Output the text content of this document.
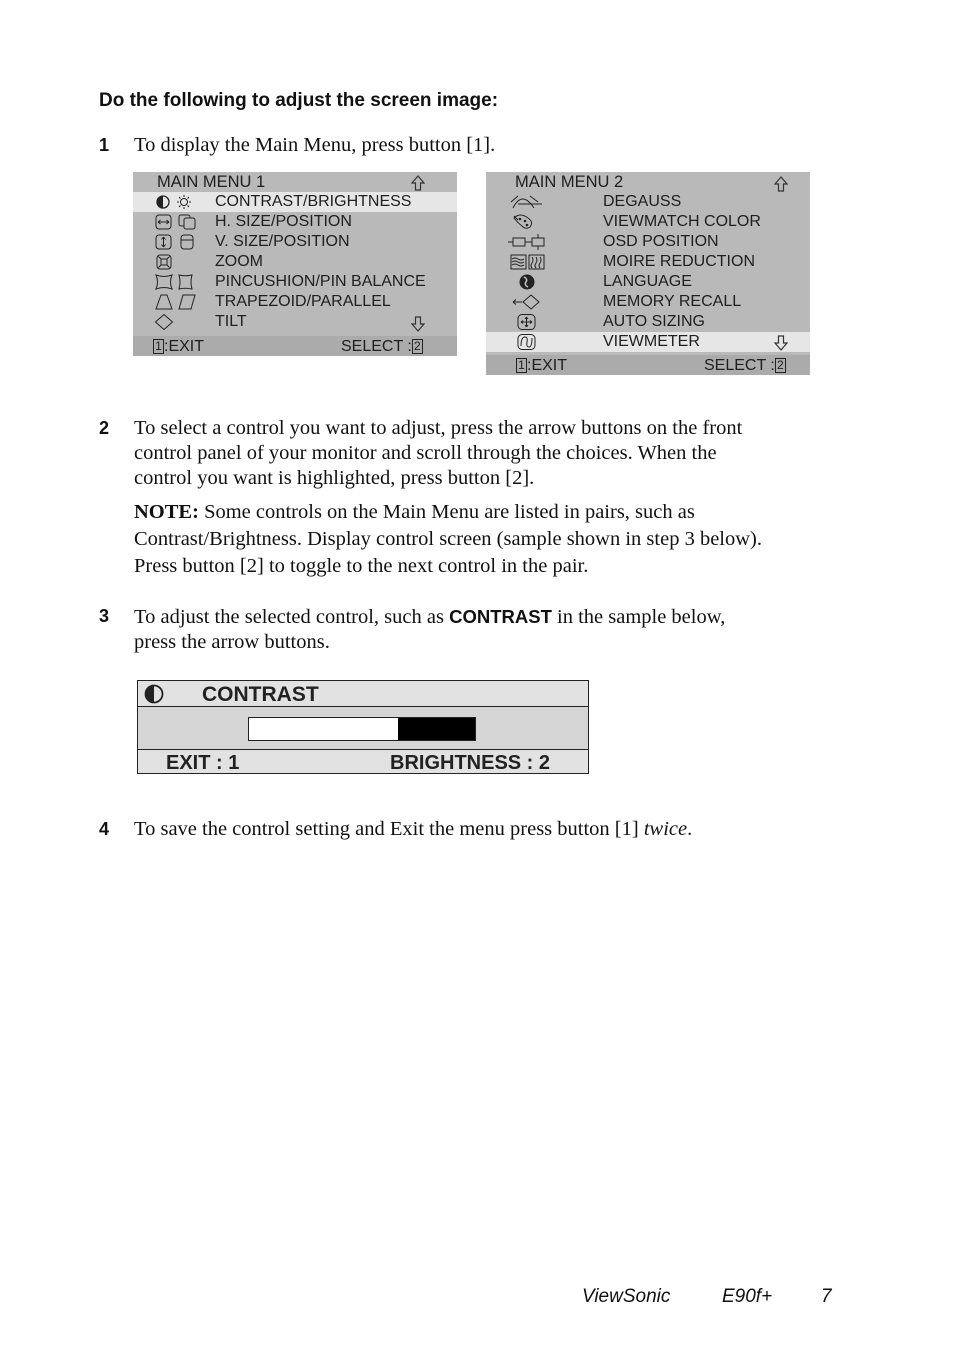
Do the following to adjust the screen image:
1 To display the Main Menu, press button [1].
MAIN MENU 1
CONTRAST/BRIGHTNESS
H. SIZE/POSITION
V. SIZE/POSITION
ZOOM
PINCUSHION/PIN BALANCE
TRAPEZOID/PARALLEL
TILT
1 :EXIT	SELECT : 2
MAIN MENU 2
DEGAUSS
VIEWMATCH COLOR
OSD POSITION
MOIRE REDUCTION
LANGUAGE
MEMORY RECALL
AUTO SIZING
VIEWMETER
1 :EXIT	SELECT : 2
2 To select a control you want to adjust, press the arrow buttons on the front
control panel of your monitor and scroll through the choices. When the
control you want is highlighted, press button [2].
NOTE: Some controls on the Main Menu are listed in pairs, such as
Contrast/Brightness. Display control screen (sample shown in step 3 below).
Press button [2] to toggle to the next control in the pair.
3 To adjust the selected control, such as CONTRAST in the sample below,
press the arrow buttons.
CONTRAST
EXIT : 1	BRIGHTNESS : 2
4 To save the control setting and Exit the menu press button [1] twice.
ViewSonic	E90f+	7
